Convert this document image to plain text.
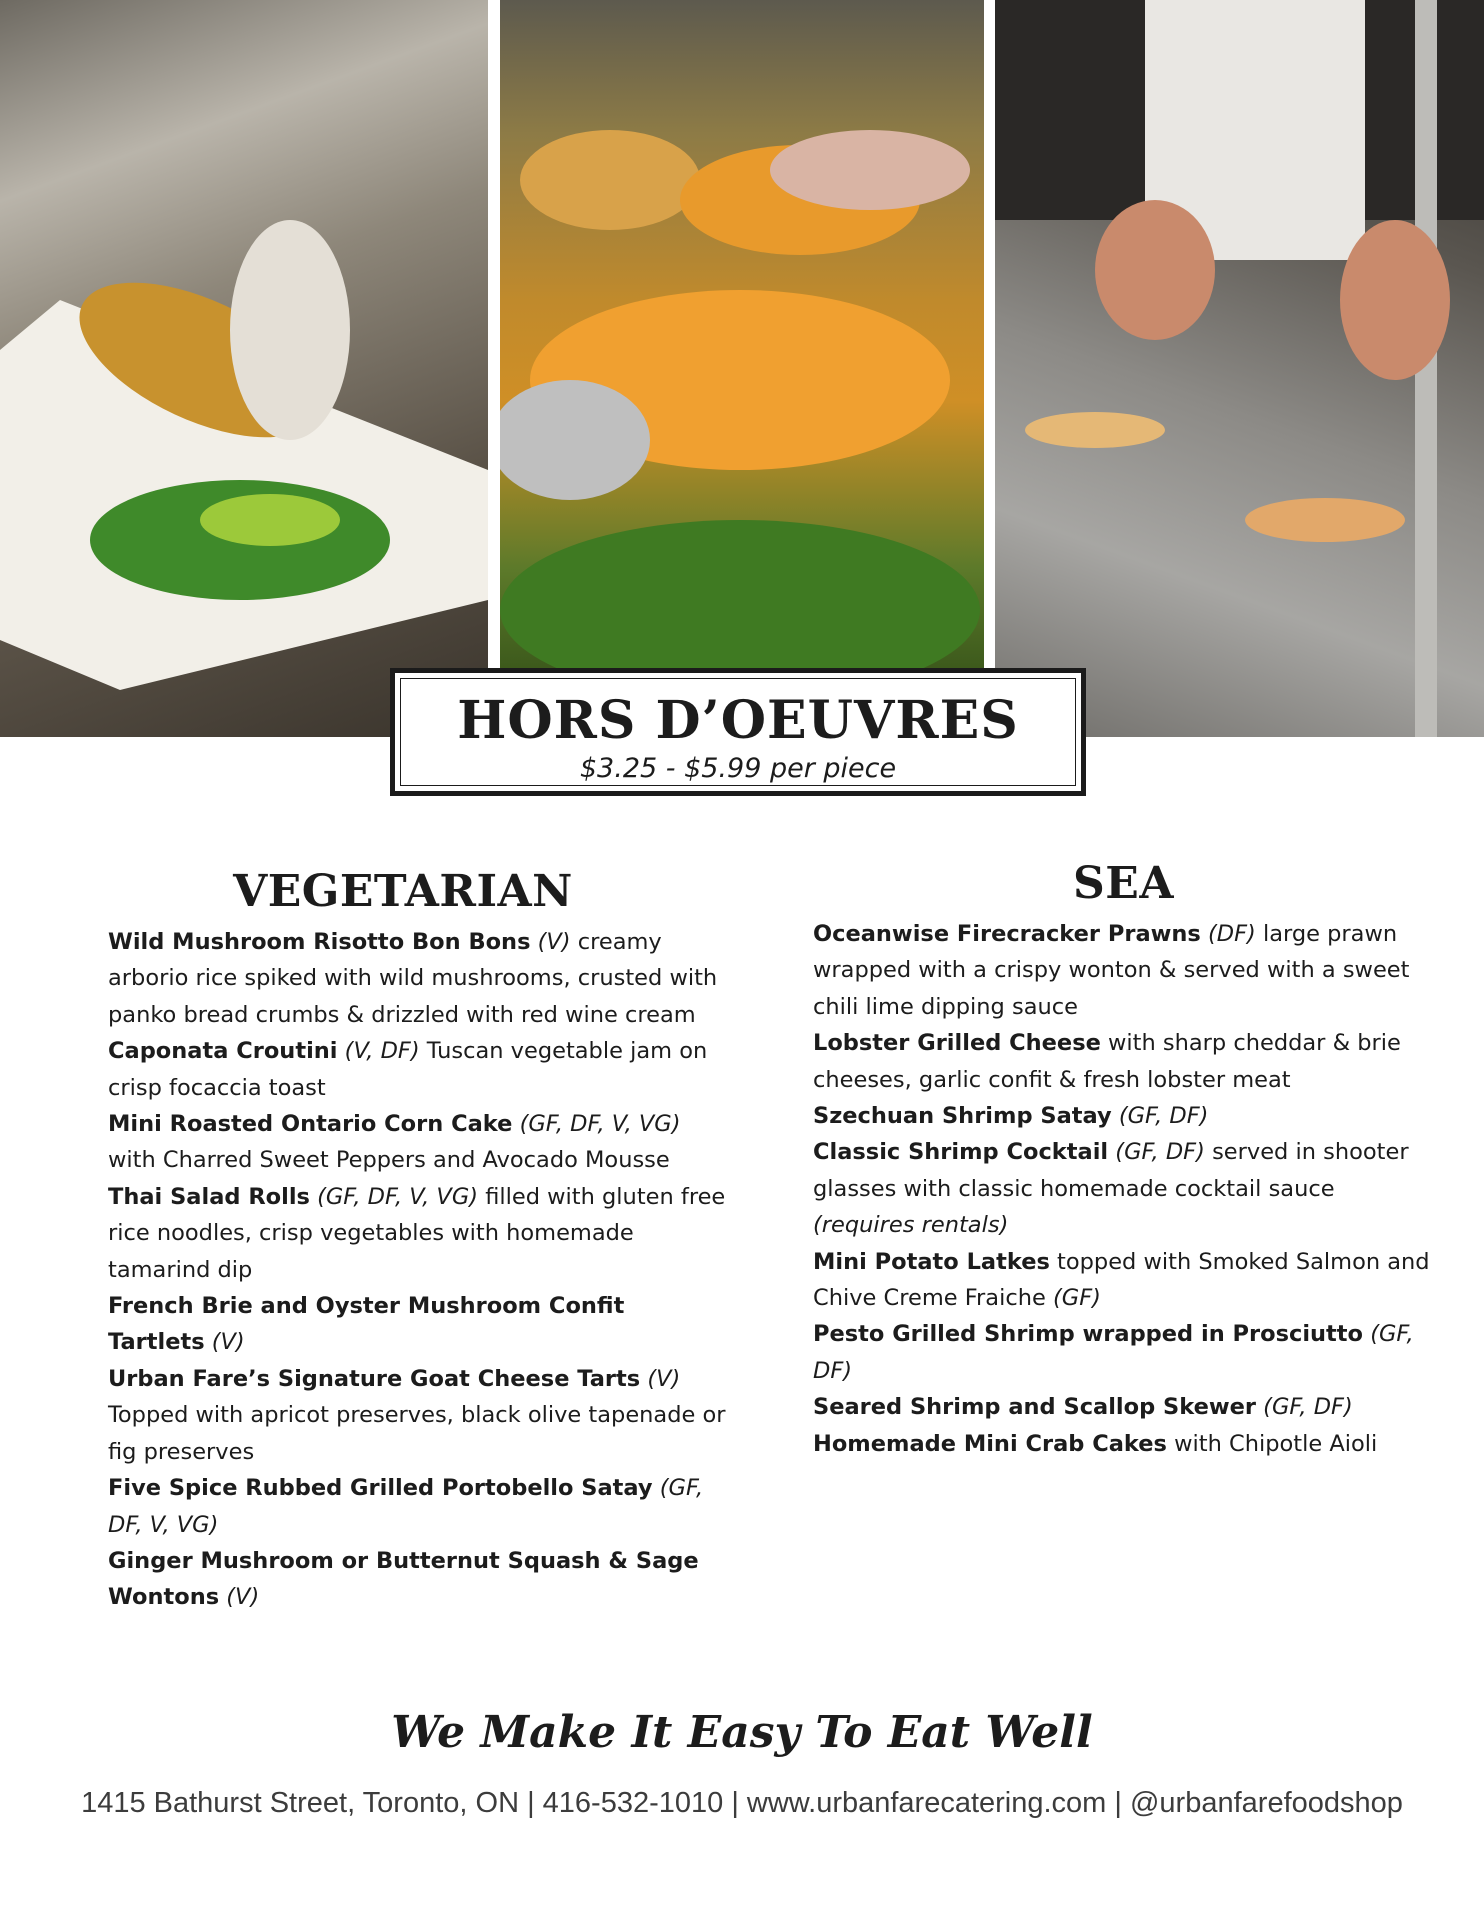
HORS D’OEUVRES
$3.25 - $5.99 per piece
VEGETARIAN

Wild Mushroom Risotto Bon Bons (V) creamy arborio rice spiked with wild mushrooms, crusted with panko bread crumbs & drizzled with red wine cream

Caponata Croutini (V, DF) Tuscan vegetable jam on crisp focaccia toast

Mini Roasted Ontario Corn Cake (GF, DF, V, VG) with Charred Sweet Peppers and Avocado Mousse

Thai Salad Rolls (GF, DF, V, VG) filled with gluten free rice noodles, crisp vegetables with homemade tamarind dip

French Brie and Oyster Mushroom Confit Tartlets (V)

Urban Fare’s Signature Goat Cheese Tarts (V) Topped with apricot preserves, black olive tapenade or fig preserves

Five Spice Rubbed Grilled Portobello Satay (GF, DF, V, VG)

Ginger Mushroom or Butternut Squash & Sage Wontons (V)

SEA

Oceanwise Firecracker Prawns (DF) large prawn wrapped with a crispy wonton & served with a sweet chili lime dipping sauce

Lobster Grilled Cheese with sharp cheddar & brie cheeses, garlic confit & fresh lobster meat

Szechuan Shrimp Satay (GF, DF)

Classic Shrimp Cocktail (GF, DF) served in shooter glasses with classic homemade cocktail sauce (requires rentals)

Mini Potato Latkes topped with Smoked Salmon and Chive Creme Fraiche (GF)

Pesto Grilled Shrimp wrapped in Prosciutto (GF, DF)

Seared Shrimp and Scallop Skewer (GF, DF)

Homemade Mini Crab Cakes with Chipotle Aioli

We Make It Easy To Eat Well
1415 Bathurst Street, Toronto, ON | 416-532-1010 | www.urbanfarecatering.com | @urbanfarefoodshop
